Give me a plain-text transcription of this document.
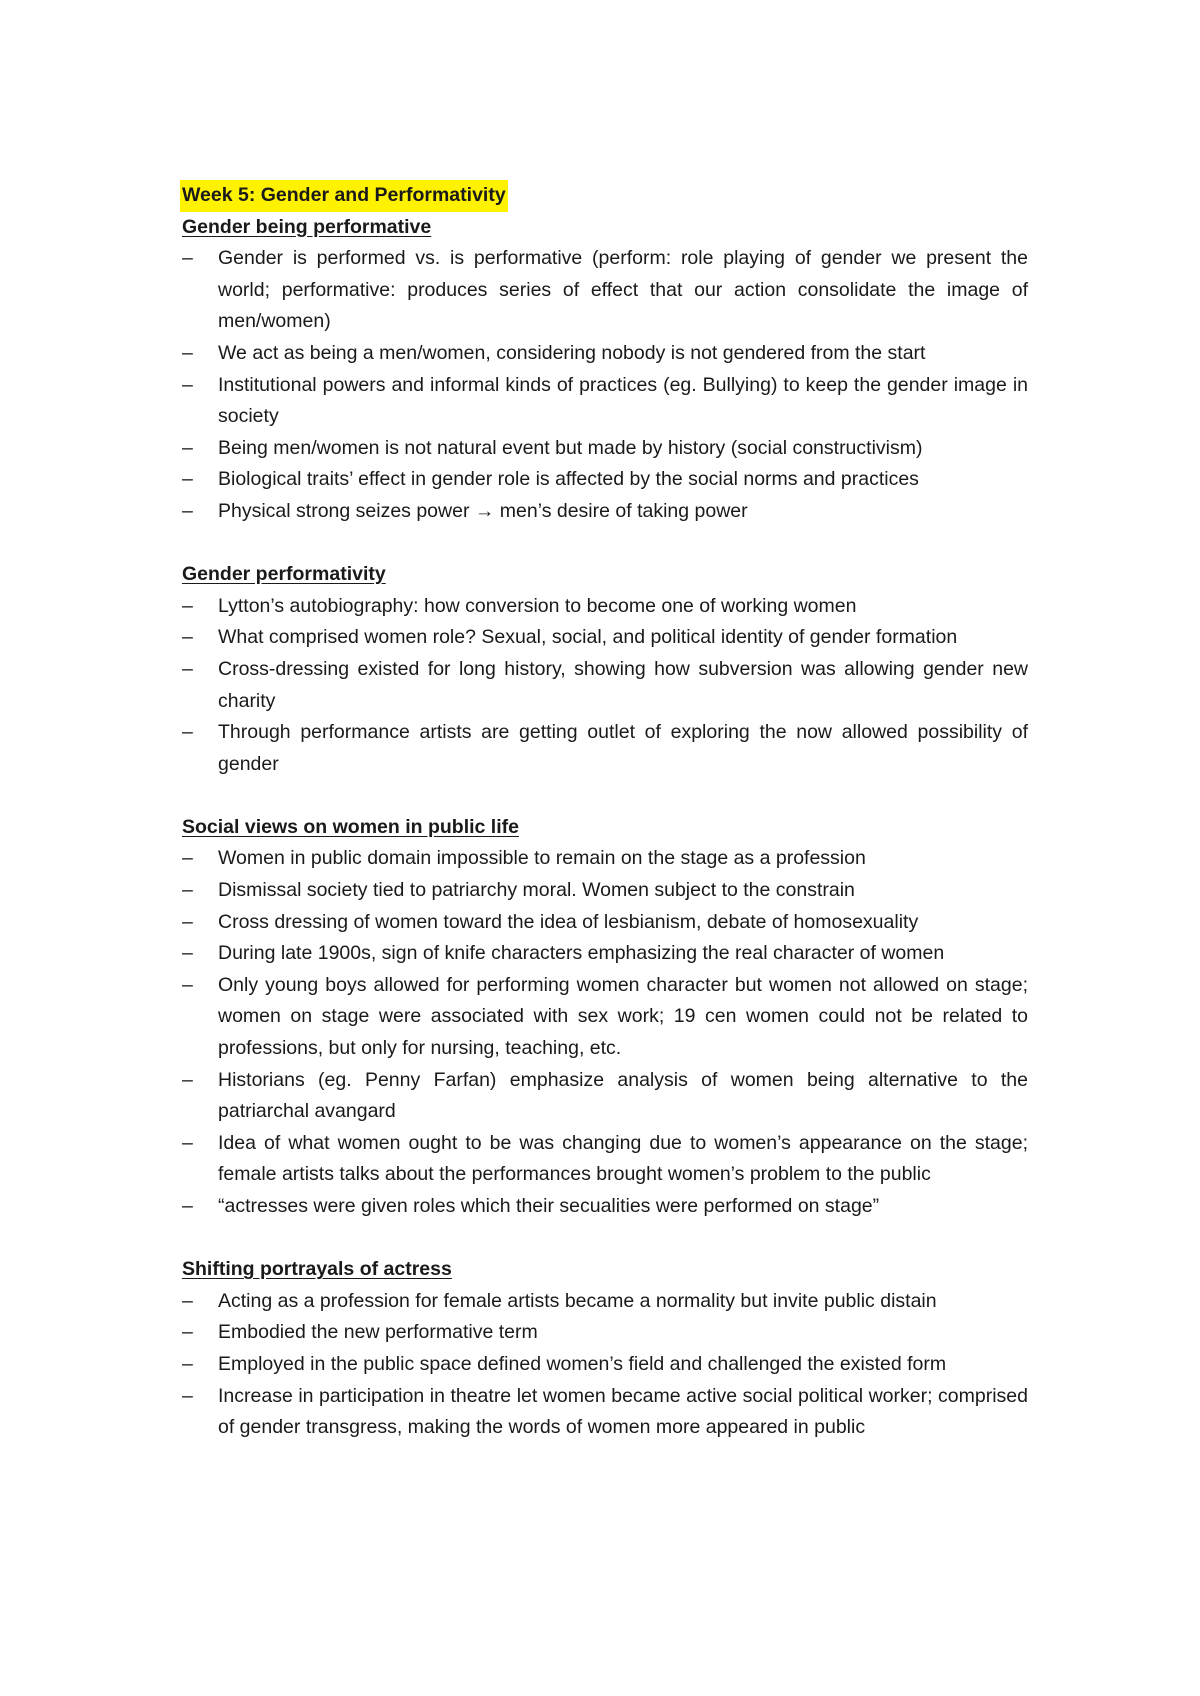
Week 5: Gender and Performativity
Gender being performative
– Gender is performed vs. is performative (perform: role playing of gender we present the world; performative: produces series of effect that our action consolidate the image of men/women)
– We act as being a men/women, considering nobody is not gendered from the start
– Institutional powers and informal kinds of practices (eg. Bullying) to keep the gender image in society
– Being men/women is not natural event but made by history (social constructivism)
– Biological traits’ effect in gender role is affected by the social norms and practices
– Physical strong seizes power → men’s desire of taking power
Gender performativity
– Lytton’s autobiography: how conversion to become one of working women
– What comprised women role? Sexual, social, and political identity of gender formation
– Cross-dressing existed for long history, showing how subversion was allowing gender new charity
– Through performance artists are getting outlet of exploring the now allowed possibility of gender
Social views on women in public life
– Women in public domain impossible to remain on the stage as a profession
– Dismissal society tied to patriarchy moral. Women subject to the constrain
– Cross dressing of women toward the idea of lesbianism, debate of homosexuality
– During late 1900s, sign of knife characters emphasizing the real character of women
– Only young boys allowed for performing women character but women not allowed on stage; women on stage were associated with sex work; 19 cen women could not be related to professions, but only for nursing, teaching, etc.
– Historians (eg. Penny Farfan) emphasize analysis of women being alternative to the patriarchal avangard
– Idea of what women ought to be was changing due to women’s appearance on the stage; female artists talks about the performances brought women’s problem to the public
– “actresses were given roles which their secualities were performed on stage”
Shifting portrayals of actress
– Acting as a profession for female artists became a normality but invite public distain
– Embodied the new performative term
– Employed in the public space defined women’s field and challenged the existed form
– Increase in participation in theatre let women became active social political worker; comprised of gender transgress, making the words of women more appeared in public
